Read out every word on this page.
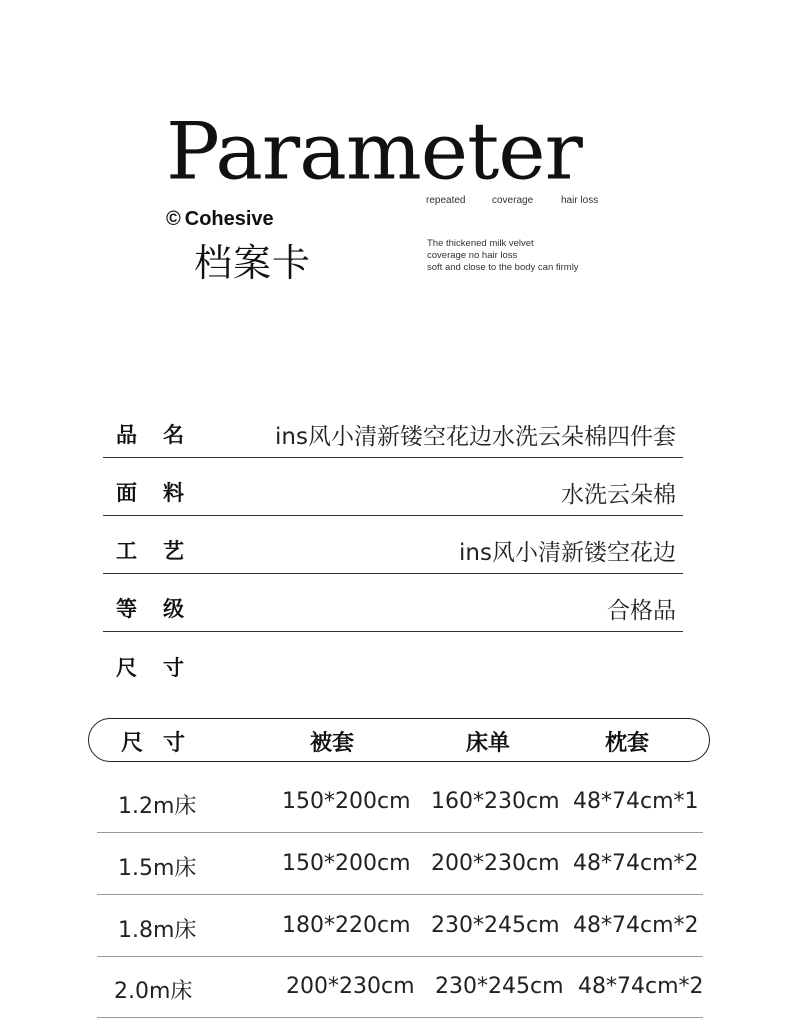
Parameter
repeated	coverage	hair loss
© Cohesive
档案卡	The thickened milk velvet
coverage no hair loss
soft and close to the body can firmly
品名	ins风小清新镂空花边水洗云朵棉四件套
面料	水洗云朵棉
工艺	ins风小清新镂空花边
等级	合格品
尺寸
尺寸	被套	床单	枕套
1.2m床	150*200cm 160*230cm 48*74cm*1
1.5m床	150*200cm 200*230cm 48*74cm*2
1.8m床	180*220cm 230*245cm 48*74cm*2
2.0m床	200*230cm 230*245cm 48*74cm*2
